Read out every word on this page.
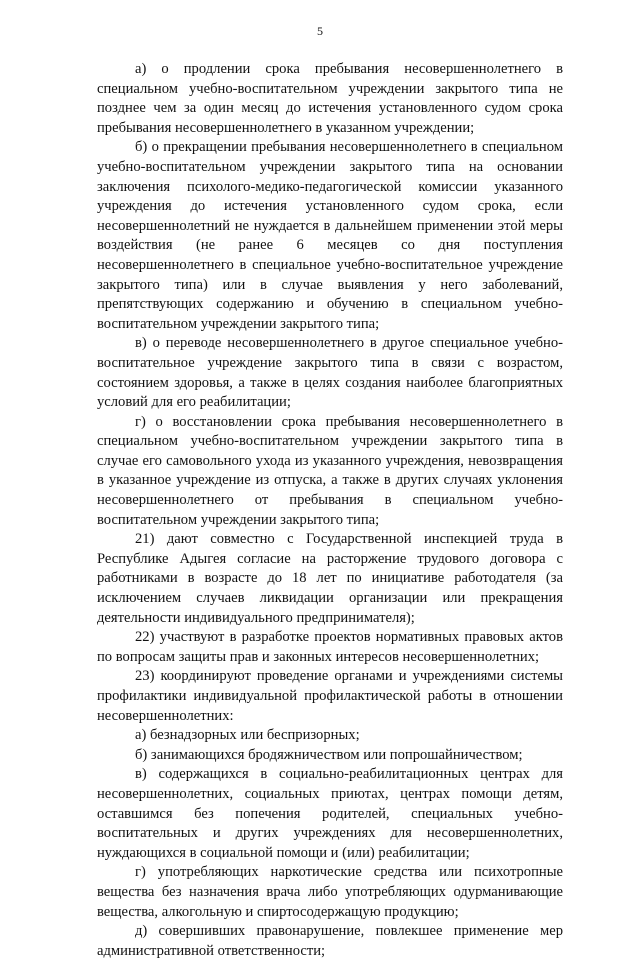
5

а) о продлении срока пребывания несовершеннолетнего в специальном учебно-воспитательном учреждении закрытого типа не позднее чем за один месяц до истечения установленного судом срока пребывания несовершеннолетнего в указанном учреждении;

б) о прекращении пребывания несовершеннолетнего в специальном учебно-воспитательном учреждении закрытого типа на основании заключения психолого-медико-педагогической комиссии указанного учреждения до истечения установленного судом срока, если несовершеннолетний не нуждается в дальнейшем применении этой меры воздействия (не ранее 6 месяцев со дня поступления несовершеннолетнего в специальное учебно-воспитательное учреждение закрытого типа) или в случае выявления у него заболеваний, препятствующих содержанию и обучению в специальном учебно-воспитательном учреждении закрытого типа;

в) о переводе несовершеннолетнего в другое специальное учебно-воспитательное учреждение закрытого типа в связи с возрастом, состоянием здоровья, а также в целях создания наиболее благоприятных условий для его реабилитации;

г) о восстановлении срока пребывания несовершеннолетнего в специальном учебно-воспитательном учреждении закрытого типа в случае его самовольного ухода из указанного учреждения, невозвращения в указанное учреждение из отпуска, а также в других случаях уклонения несовершеннолетнего от пребывания в специальном учебно-воспитательном учреждении закрытого типа;

21) дают совместно с Государственной инспекцией труда в Республике Адыгея согласие на расторжение трудового договора с работниками в возрасте до 18 лет по инициативе работодателя (за исключением случаев ликвидации организации или прекращения деятельности индивидуального предпринимателя);

22) участвуют в разработке проектов нормативных правовых актов по вопросам защиты прав и законных интересов несовершеннолетних;

23) координируют проведение органами и учреждениями системы профилактики индивидуальной профилактической работы в отношении несовершеннолетних:

а) безнадзорных или беспризорных;

б) занимающихся бродяжничеством или попрошайничеством;

в) содержащихся в социально-реабилитационных центрах для несовершеннолетних, социальных приютах, центрах помощи детям, оставшимся без попечения родителей, специальных учебно-воспитательных и других учреждениях для несовершеннолетних, нуждающихся в социальной помощи и (или) реабилитации;

г) употребляющих наркотические средства или психотропные вещества без назначения врача либо употребляющих одурманивающие вещества, алкогольную и спиртосодержащую продукцию;

д) совершивших правонарушение, повлекшее применение мер административной ответственности;
